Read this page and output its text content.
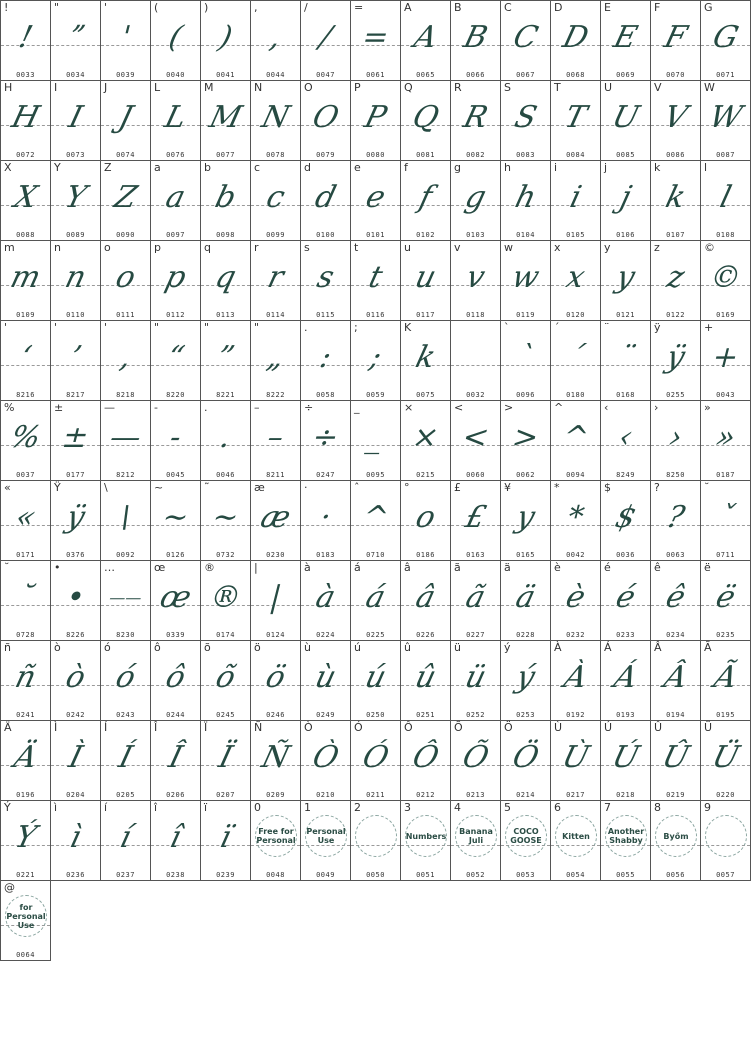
!
!
0033
"
ˮ
0034
'
'
0039
(
(
0040
)
)
0041
,
,
0044
/
/
0047
=
=
0061
A
A
0065
B
B
0066
C
C
0067
D
D
0068
E
E
0069
F
F
0070
G
G
0071
H
H
0072
I
I
0073
J
J
0074
L
L
0076
M
M
0077
N
N
0078
O
O
0079
P
P
0080
Q
Q
0081
R
R
0082
S
S
0083
T
T
0084
U
U
0085
V
V
0086
W
W
0087
X
X
0088
Y
Y
0089
Z
Z
0090
a
a
0097
b
b
0098
c
c
0099
d
d
0100
e
e
0101
f
f
0102
g
g
0103
h
h
0104
i
i
0105
j
j
0106
k
k
0107
l
l
0108
m
m
0109
n
n
0110
o
o
0111
p
p
0112
q
q
0113
r
r
0114
s
s
0115
t
t
0116
u
u
0117
v
v
0118
w
w
0119
x
x
0120
y
y
0121
z
z
0122
©
©
0169
'
‘
8216
'
’
8217
'
‚
8218
"
“
8220
"
”
8221
"
„
8222
.
:
0058
;
;
0059
K
k
0075	0032
`
`
0096
´
´
0180
¨
¨
0168
ÿ
ÿ
0255
+
+
0043
%
%
0037
±
±
0177
—
—
8212
-
-
0045
.
.
0046
–
–
8211
÷
÷
0247
_
_
0095
×
×
0215
<
<
0060
>
>
0062
^
^
0094
‹
‹
8249
›
›
8250
»
»
0187
«
«
0171
Ÿ
ÿ
0376
\
\
0092
~
~
0126
˜
~
0732
æ
æ
0230
·
·
0183
ˆ
^
0710
°
o
0186
£
£
0163
¥
y
0165
*
*
0042
$
$
0036
?
?
0063
˘
ˇ
0711
˘
˘
0728
•
•
8226
…
——
8230
œ
œ
0339
®
®
0174
|
|
0124
à
à
0224
á
á
0225
â
â
0226
ã
ã
0227
ä
ä
0228
è
è
0232
é
é
0233
ê
ê
0234
ë
ë
0235
ñ
ñ
0241
ò
ò
0242
ó
ó
0243
ô
ô
0244
õ
õ
0245
ö
ö
0246
ù
ù
0249
ú
ú
0250
û
û
0251
ü
ü
0252
ý
ý
0253
À
À
0192
Á
Á
0193
Â
Â
0194
Ã
Ã
0195
Ä
Ä
0196
Ì
Ì
0204
Í
Í
0205
Î
Î
0206
Ï
Ï
0207
Ñ
Ñ
0209
Ò
Ò
0210
Ó
Ó
0211
Ô
Ô
0212
Õ
Õ
0213
Ö
Ö
0214
Ù
Ù
0217
Ú
Ú
0218
Û
Û
0219
Ü
Ü
0220
Ý
Ý
0221
ì
ì
0236
í
í
0237
î
î
0238
ï
ï
0239
0
Free for Personal
0048
1
Personal Use
0049
2
0050
3
Numbers
0051
4
Banana Juli
0052
5
COCO GOOSE
0053
6
Kitten
0054
7
Another Shabby
0055
8
Byőm
0056
9
0057
@
for Personal Use
0064
